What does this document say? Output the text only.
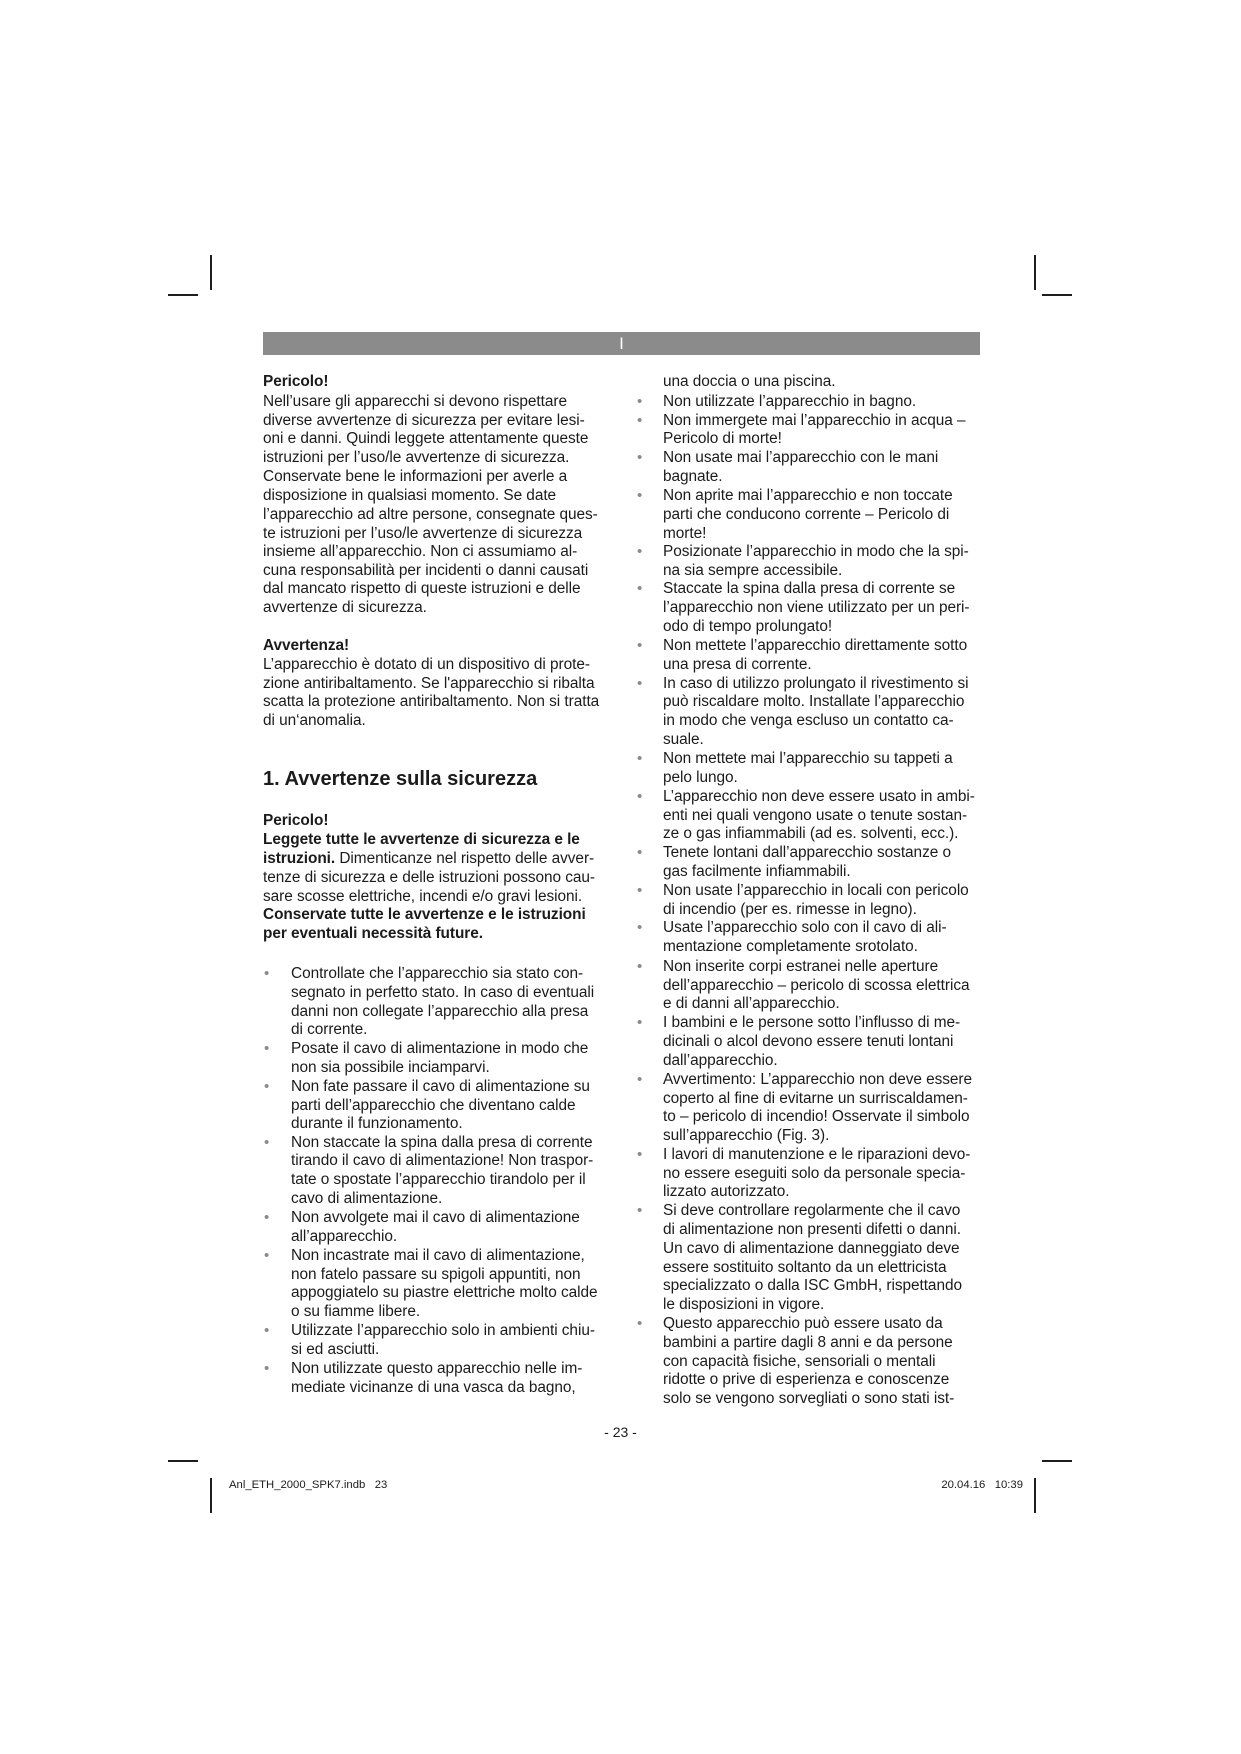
I
Pericolo!
Nell’usare gli apparecchi si devono rispettare
diverse avvertenze di sicurezza per evitare lesi-
oni e danni. Quindi leggete attentamente queste
istruzioni per l’uso/le avvertenze di sicurezza.
Conservate bene le informazioni per averle a
disposizione in qualsiasi momento. Se date
l’apparecchio ad altre persone, consegnate ques-
te istruzioni per l’uso/le avvertenze di sicurezza
insieme all’apparecchio. Non ci assumiamo al-
cuna responsabilità per incidenti o danni causati
dal mancato rispetto di queste istruzioni e delle
avvertenze di sicurezza.
Avvertenza!
L’apparecchio è dotato di un dispositivo di prote-
zione antiribaltamento. Se l'apparecchio si ribalta
scatta la protezione antiribaltamento. Non si tratta
di un‘anomalia.
1. Avvertenze sulla sicurezza
Pericolo!
Leggete tutte le avvertenze di sicurezza e le
istruzioni. Dimenticanze nel rispetto delle avver-
tenze di sicurezza e delle istruzioni possono cau-
sare scosse elettriche, incendi e/o gravi lesioni.
Conservate tutte le avvertenze e le istruzioni
per eventuali necessità future.
Controllate che l’apparecchio sia stato con-
•
segnato in perfetto stato. In caso di eventuali
danni non collegate l’apparecchio alla presa
di corrente.
Posate il cavo di alimentazione in modo che
•
non sia possibile inciamparvi.
Non fate passare il cavo di alimentazione su
•
parti dell’apparecchio che diventano calde
durante il funzionamento.
Non staccate la spina dalla presa di corrente
•
tirando il cavo di alimentazione! Non traspor-
tate o spostate l’apparecchio tirandolo per il
cavo di alimentazione.
Non avvolgete mai il cavo di alimentazione
•
all’apparecchio.
Non incastrate mai il cavo di alimentazione,
•
non fatelo passare su spigoli appuntiti, non
appoggiatelo su piastre elettriche molto calde
o su fiamme libere.
Utilizzate l’apparecchio solo in ambienti chiu-
•
si ed asciutti.
Non utilizzate questo apparecchio nelle im-
•
mediate vicinanze di una vasca da bagno,
una doccia o una piscina.
Non utilizzate l’apparecchio in bagno.
•
Non immergete mai l’apparecchio in acqua –
•
Pericolo di morte!
Non usate mai l’apparecchio con le mani
•
bagnate.
Non aprite mai l’apparecchio e non toccate
•
parti che conducono corrente – Pericolo di
morte!
Posizionate l’apparecchio in modo che la spi-
•
na sia sempre accessibile.
Staccate la spina dalla presa di corrente se
•
l’apparecchio non viene utilizzato per un peri-
odo di tempo prolungato!
Non mettete l’apparecchio direttamente sotto
•
una presa di corrente.
In caso di utilizzo prolungato il rivestimento si
•
può riscaldare molto. Installate l’apparecchio
in modo che venga escluso un contatto ca-
suale.
Non mettete mai l’apparecchio su tappeti a
•
pelo lungo.
L’apparecchio non deve essere usato in ambi-
•
enti nei quali vengono usate o tenute sostan-
ze o gas infiammabili (ad es. solventi, ecc.).
Tenete lontani dall’apparecchio sostanze o
•
gas facilmente infiammabili.
Non usate l’apparecchio in locali con pericolo
•
di incendio (per es. rimesse in legno).
Usate l’apparecchio solo con il cavo di ali-
•
mentazione completamente srotolato.
Non inserite corpi estranei nelle aperture
•
dell’apparecchio – pericolo di scossa elettrica
e di danni all’apparecchio.
I bambini e le persone sotto l’influsso di me-
•
dicinali o alcol devono essere tenuti lontani
dall’apparecchio.
Avvertimento: L’apparecchio non deve essere
•
coperto al fine di evitarne un surriscaldamen-
to – pericolo di incendio! Osservate il simbolo
sull’apparecchio (Fig. 3).
I lavori di manutenzione e le riparazioni devo-
•
no essere eseguiti solo da personale specia-
lizzato autorizzato.
Si deve controllare regolarmente che il cavo
•
di alimentazione non presenti difetti o danni.
Un cavo di alimentazione danneggiato deve
essere sostituito soltanto da un elettricista
specializzato o dalla ISC GmbH, rispettando
le disposizioni in vigore.
Questo apparecchio può essere usato da
•
bambini a partire dagli 8 anni e da persone
con capacità fisiche, sensoriali o mentali
ridotte o prive di esperienza e conoscenze
solo se vengono sorvegliati o sono stati ist-
- 23 -
Anl_ETH_2000_SPK7.indb   23	20.04.16   10:39
